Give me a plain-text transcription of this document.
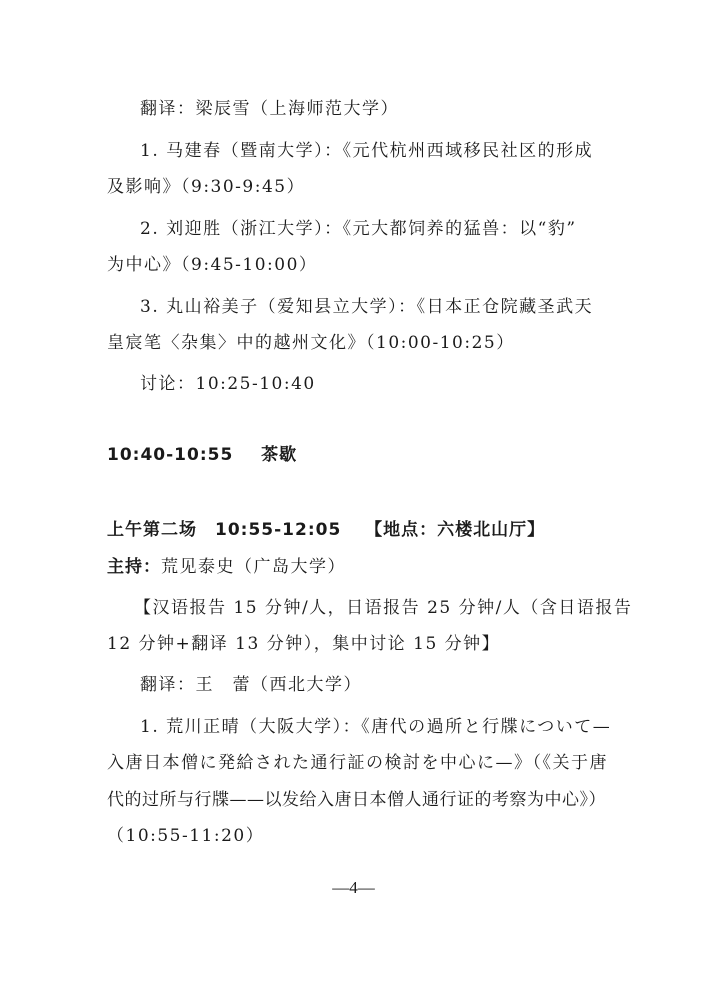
翻译：梁辰雪（上海师范大学）
1. 马建春（暨南大学）：《元代杭州西域移民社区的形成
及影响》（9:30-9:45）
2. 刘迎胜（浙江大学）：《元大都饲养的猛兽：以“豹”
为中心》（9:45-10:00）
3. 丸山裕美子（爱知县立大学）：《日本正仓院藏圣武天
皇宸笔〈杂集〉中的越州文化》（10:00-10:25）
讨论：10:25-10:40
10:40-10:55 茶歇
上午第二场　10:55-12:05 【地点：六楼北山厅】
主持：荒见泰史（广岛大学）
【汉语报告 15 分钟/人，日语报告 25 分钟/人（含日语报告
12 分钟+翻译 13 分钟），集中讨论 15 分钟】
翻译：王　蕾（西北大学）
1. 荒川正晴（大阪大学）：《唐代の過所と行牒について—
入唐日本僧に発給された通行証の検討を中心に—》（《关于唐
代的过所与行牒——以发给入唐日本僧人通行证的考察为中心》）
（10:55-11:20）
—4—
